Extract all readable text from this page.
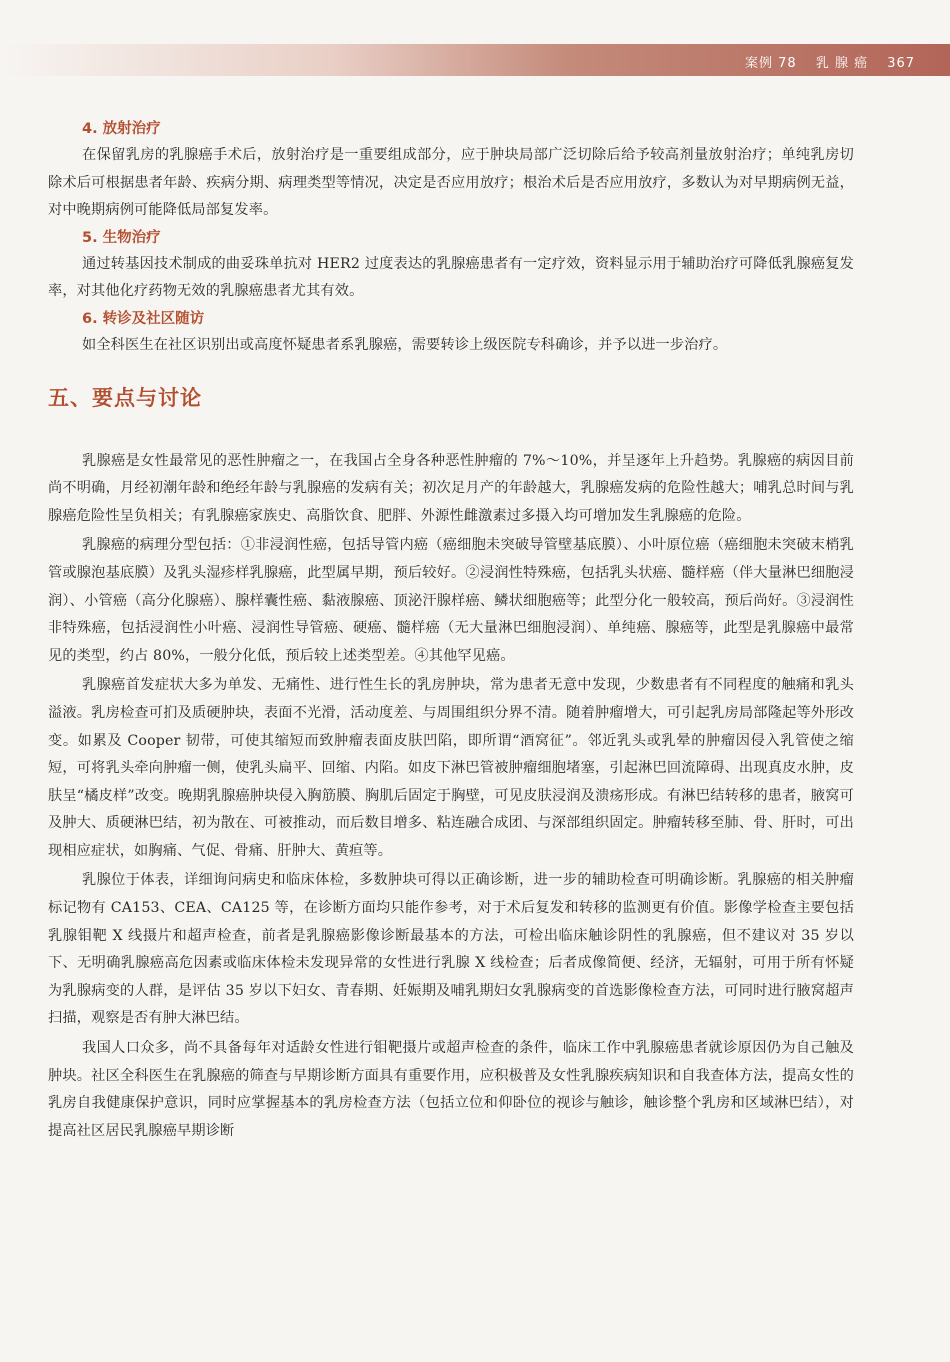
案例 78 乳 腺 癌 367
4. 放射治疗

在保留乳房的乳腺癌手术后，放射治疗是一重要组成部分，应于肿块局部广泛切除后给予较高剂量放射治疗；单纯乳房切除术后可根据患者年龄、疾病分期、病理类型等情况，决定是否应用放疗；根治术后是否应用放疗，多数认为对早期病例无益，对中晚期病例可能降低局部复发率。

5. 生物治疗

通过转基因技术制成的曲妥珠单抗对 HER2 过度表达的乳腺癌患者有一定疗效，资料显示用于辅助治疗可降低乳腺癌复发率，对其他化疗药物无效的乳腺癌患者尤其有效。

6. 转诊及社区随访

如全科医生在社区识别出或高度怀疑患者系乳腺癌，需要转诊上级医院专科确诊，并予以进一步治疗。

五、要点与讨论

乳腺癌是女性最常见的恶性肿瘤之一，在我国占全身各种恶性肿瘤的 7%～10%，并呈逐年上升趋势。乳腺癌的病因目前尚不明确，月经初潮年龄和绝经年龄与乳腺癌的发病有关；初次足月产的年龄越大，乳腺癌发病的危险性越大；哺乳总时间与乳腺癌危险性呈负相关；有乳腺癌家族史、高脂饮食、肥胖、外源性雌激素过多摄入均可增加发生乳腺癌的危险。

乳腺癌的病理分型包括：①非浸润性癌，包括导管内癌（癌细胞未突破导管壁基底膜）、小叶原位癌（癌细胞未突破末梢乳管或腺泡基底膜）及乳头湿疹样乳腺癌，此型属早期，预后较好。②浸润性特殊癌，包括乳头状癌、髓样癌（伴大量淋巴细胞浸润）、小管癌（高分化腺癌）、腺样囊性癌、黏液腺癌、顶泌汗腺样癌、鳞状细胞癌等；此型分化一般较高，预后尚好。③浸润性非特殊癌，包括浸润性小叶癌、浸润性导管癌、硬癌、髓样癌（无大量淋巴细胞浸润）、单纯癌、腺癌等，此型是乳腺癌中最常见的类型，约占 80%，一般分化低，预后较上述类型差。④其他罕见癌。

乳腺癌首发症状大多为单发、无痛性、进行性生长的乳房肿块，常为患者无意中发现，少数患者有不同程度的触痛和乳头溢液。乳房检查可扪及质硬肿块，表面不光滑，活动度差、与周围组织分界不清。随着肿瘤增大，可引起乳房局部隆起等外形改变。如累及 Cooper 韧带，可使其缩短而致肿瘤表面皮肤凹陷，即所谓“酒窝征”。邻近乳头或乳晕的肿瘤因侵入乳管使之缩短，可将乳头牵向肿瘤一侧，使乳头扁平、回缩、内陷。如皮下淋巴管被肿瘤细胞堵塞，引起淋巴回流障碍、出现真皮水肿，皮肤呈“橘皮样”改变。晚期乳腺癌肿块侵入胸筋膜、胸肌后固定于胸壁，可见皮肤浸润及溃疡形成。有淋巴结转移的患者，腋窝可及肿大、质硬淋巴结，初为散在、可被推动，而后数目增多、粘连融合成团、与深部组织固定。肿瘤转移至肺、骨、肝时，可出现相应症状，如胸痛、气促、骨痛、肝肿大、黄疸等。

乳腺位于体表，详细询问病史和临床体检，多数肿块可得以正确诊断，进一步的辅助检查可明确诊断。乳腺癌的相关肿瘤标记物有 CA153、CEA、CA125 等，在诊断方面均只能作参考，对于术后复发和转移的监测更有价值。影像学检查主要包括乳腺钼靶 X 线摄片和超声检查，前者是乳腺癌影像诊断最基本的方法，可检出临床触诊阴性的乳腺癌，但不建议对 35 岁以下、无明确乳腺癌高危因素或临床体检未发现异常的女性进行乳腺 X 线检查；后者成像简便、经济，无辐射，可用于所有怀疑为乳腺病变的人群，是评估 35 岁以下妇女、青春期、妊娠期及哺乳期妇女乳腺病变的首选影像检查方法，可同时进行腋窝超声扫描，观察是否有肿大淋巴结。

我国人口众多，尚不具备每年对适龄女性进行钼靶摄片或超声检查的条件，临床工作中乳腺癌患者就诊原因仍为自己触及肿块。社区全科医生在乳腺癌的筛查与早期诊断方面具有重要作用，应积极普及女性乳腺疾病知识和自我查体方法，提高女性的乳房自我健康保护意识，同时应掌握基本的乳房检查方法（包括立位和仰卧位的视诊与触诊，触诊整个乳房和区域淋巴结），对提高社区居民乳腺癌早期诊断
